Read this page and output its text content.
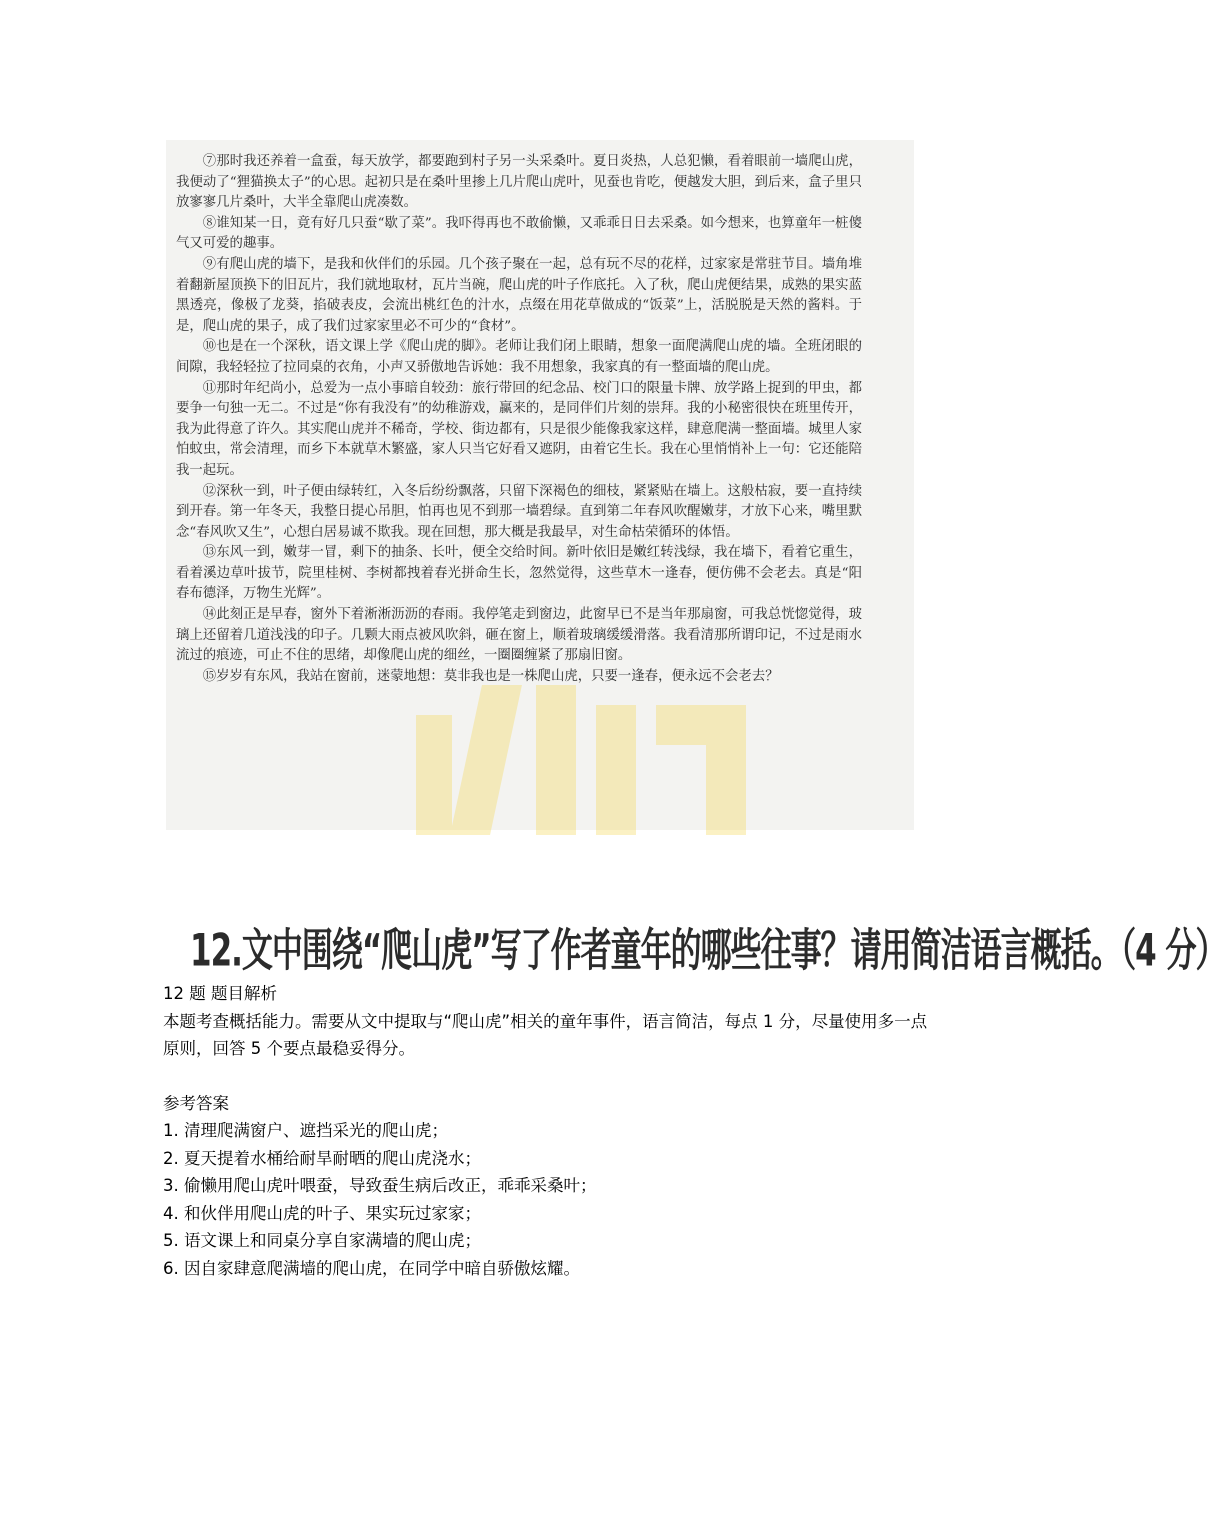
⑦那时我还养着一盒蚕，每天放学，都要跑到村子另一头采桑叶。夏日炎热，人总犯懒，看着眼前一墙爬山虎，我便动了“狸猫换太子”的心思。起初只是在桑叶里掺上几片爬山虎叶，见蚕也肯吃，便越发大胆，到后来，盒子里只放寥寥几片桑叶，大半全靠爬山虎凑数。

⑧谁知某一日，竟有好几只蚕“歇了菜”。我吓得再也不敢偷懒，又乖乖日日去采桑。如今想来，也算童年一桩傻气又可爱的趣事。

⑨有爬山虎的墙下，是我和伙伴们的乐园。几个孩子聚在一起，总有玩不尽的花样，过家家是常驻节目。墙角堆着翻新屋顶换下的旧瓦片，我们就地取材，瓦片当碗，爬山虎的叶子作底托。入了秋，爬山虎便结果，成熟的果实蓝黑透亮，像极了龙葵，掐破表皮，会流出桃红色的汁水，点缀在用花草做成的“饭菜”上，活脱脱是天然的酱料。于是，爬山虎的果子，成了我们过家家里必不可少的“食材”。

⑩也是在一个深秋，语文课上学《爬山虎的脚》。老师让我们闭上眼睛，想象一面爬满爬山虎的墙。全班闭眼的间隙，我轻轻拉了拉同桌的衣角，小声又骄傲地告诉她：我不用想象，我家真的有一整面墙的爬山虎。

⑪那时年纪尚小，总爱为一点小事暗自较劲：旅行带回的纪念品、校门口的限量卡牌、放学路上捉到的甲虫，都要争一句独一无二。不过是“你有我没有”的幼稚游戏，赢来的，是同伴们片刻的崇拜。我的小秘密很快在班里传开，我为此得意了许久。其实爬山虎并不稀奇，学校、街边都有，只是很少能像我家这样，肆意爬满一整面墙。城里人家怕蚊虫，常会清理，而乡下本就草木繁盛，家人只当它好看又遮阴，由着它生长。我在心里悄悄补上一句：它还能陪我一起玩。

⑫深秋一到，叶子便由绿转红，入冬后纷纷飘落，只留下深褐色的细枝，紧紧贴在墙上。这般枯寂，要一直持续到开春。第一年冬天，我整日提心吊胆，怕再也见不到那一墙碧绿。直到第二年春风吹醒嫩芽，才放下心来，嘴里默念“春风吹又生”，心想白居易诚不欺我。现在回想，那大概是我最早，对生命枯荣循环的体悟。

⑬东风一到，嫩芽一冒，剩下的抽条、长叶，便全交给时间。新叶依旧是嫩红转浅绿，我在墙下，看着它重生，看着溪边草叶拔节，院里桂树、李树都拽着春光拼命生长，忽然觉得，这些草木一逢春，便仿佛不会老去。真是“阳春布德泽，万物生光辉”。

⑭此刻正是早春，窗外下着淅淅沥沥的春雨。我停笔走到窗边，此窗早已不是当年那扇窗，可我总恍惚觉得，玻璃上还留着几道浅浅的印子。几颗大雨点被风吹斜，砸在窗上，顺着玻璃缓缓滑落。我看清那所谓印记，不过是雨水流过的痕迹，可止不住的思绪，却像爬山虎的细丝，一圈圈缠紧了那扇旧窗。

⑮岁岁有东风，我站在窗前，迷蒙地想：莫非我也是一株爬山虎，只要一逢春，便永远不会老去？

12.文中围绕“爬山虎”写了作者童年的哪些往事？请用简洁语言概括。（4 分）

12 题 题目解析

本题考查概括能力。需要从文中提取与“爬山虎”相关的童年事件，语言简洁，每点 1 分，尽量使用多一点原则，回答 5 个要点最稳妥得分。

参考答案

1. 清理爬满窗户、遮挡采光的爬山虎；
2. 夏天提着水桶给耐旱耐晒的爬山虎浇水；
3. 偷懒用爬山虎叶喂蚕，导致蚕生病后改正，乖乖采桑叶；
4. 和伙伴用爬山虎的叶子、果实玩过家家；
5. 语文课上和同桌分享自家满墙的爬山虎；
6. 因自家肆意爬满墙的爬山虎，在同学中暗自骄傲炫耀。
